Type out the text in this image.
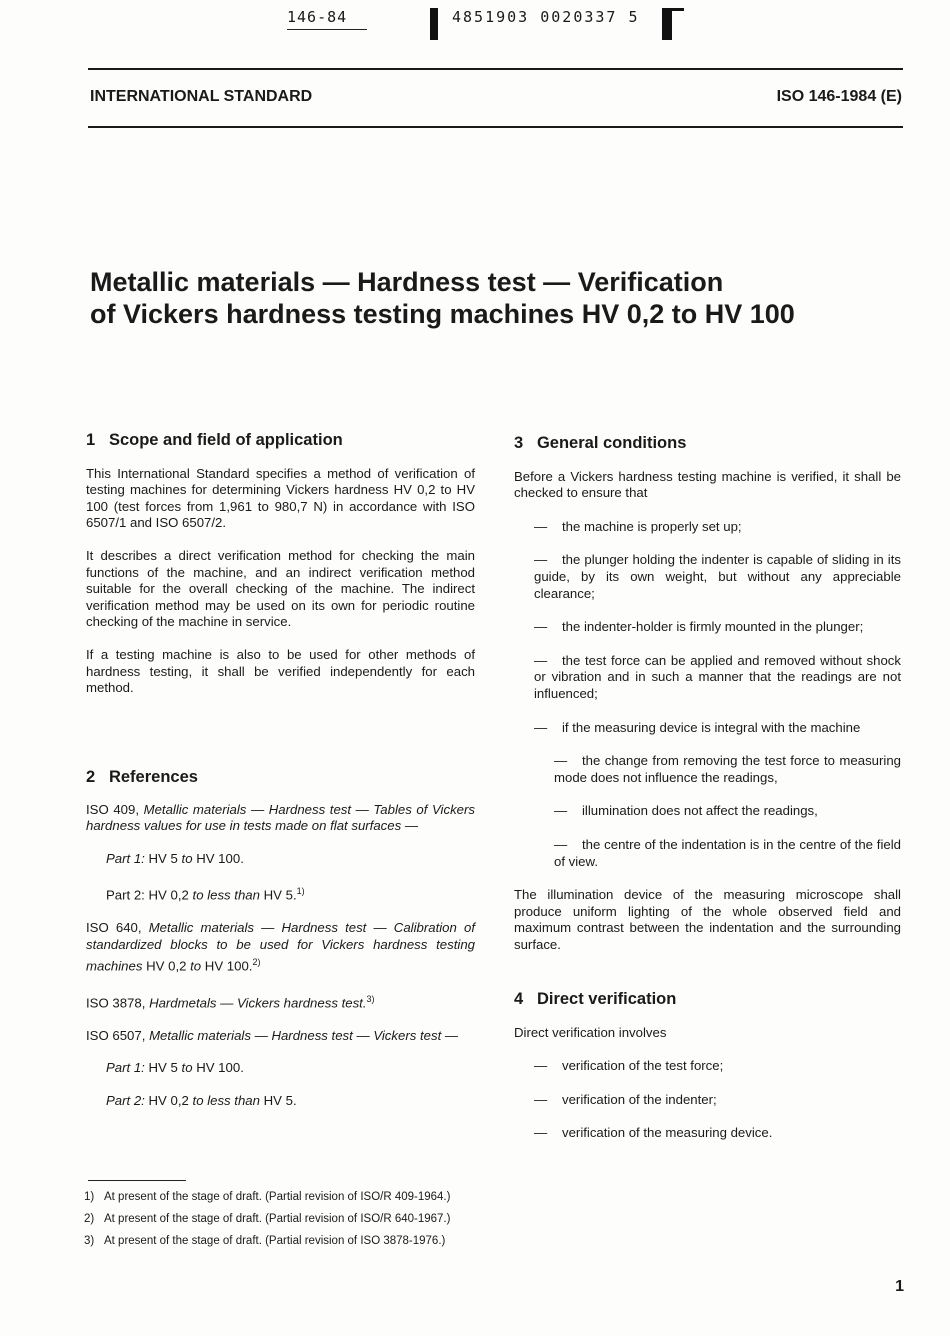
146-84	4851903 0020337 5
INTERNATIONAL STANDARD	ISO 146-1984 (E)
Metallic materials — Hardness test — Verification
of Vickers hardness testing machines HV 0,2 to HV 100
1 Scope and field of application

This International Standard specifies a method of verification of testing machines for determining Vickers hardness HV 0,2 to HV 100 (test forces from 1,961 to 980,7 N) in accordance with ISO 6507/1 and ISO 6507/2.

It describes a direct verification method for checking the main functions of the machine, and an indirect verification method suitable for the overall checking of the machine. The indirect verification method may be used on its own for periodic routine checking of the machine in service.

If a testing machine is also to be used for other methods of hardness testing, it shall be verified independently for each method.

2 References

ISO 409, Metallic materials — Hardness test — Tables of Vickers hardness values for use in tests made on flat surfaces —

Part 1: HV 5 to HV 100.

Part 2: HV 0,2 to less than HV 5.$^{1)}$

ISO 640, Metallic materials — Hardness test — Calibration of standardized blocks to be used for Vickers hardness testing machines HV 0,2 to HV 100.$^{2)}$

ISO 3878, Hardmetals — Vickers hardness test.$^{3)}$

ISO 6507, Metallic materials — Hardness test — Vickers test —

Part 1: HV 5 to HV 100.

Part 2: HV 0,2 to less than HV 5.

3 General conditions

Before a Vickers hardness testing machine is verified, it shall be checked to ensure that

— the machine is properly set up;

— the plunger holding the indenter is capable of sliding in its guide, by its own weight, but without any appreciable clearance;

— the indenter-holder is firmly mounted in the plunger;

— the test force can be applied and removed without shock or vibration and in such a manner that the readings are not influenced;

— if the measuring device is integral with the machine

— the change from removing the test force to measuring mode does not influence the readings,

— illumination does not affect the readings,

— the centre of the indentation is in the centre of the field of view.

The illumination device of the measuring microscope shall produce uniform lighting of the whole observed field and maximum contrast between the indentation and the surrounding surface.

4 Direct verification

Direct verification involves

— verification of the test force;

— verification of the indenter;

— verification of the measuring device.

1) At present of the stage of draft. (Partial revision of ISO/R 409-1964.)
2) At present of the stage of draft. (Partial revision of ISO/R 640-1967.)
3) At present of the stage of draft. (Partial revision of ISO 3878-1976.)
1
